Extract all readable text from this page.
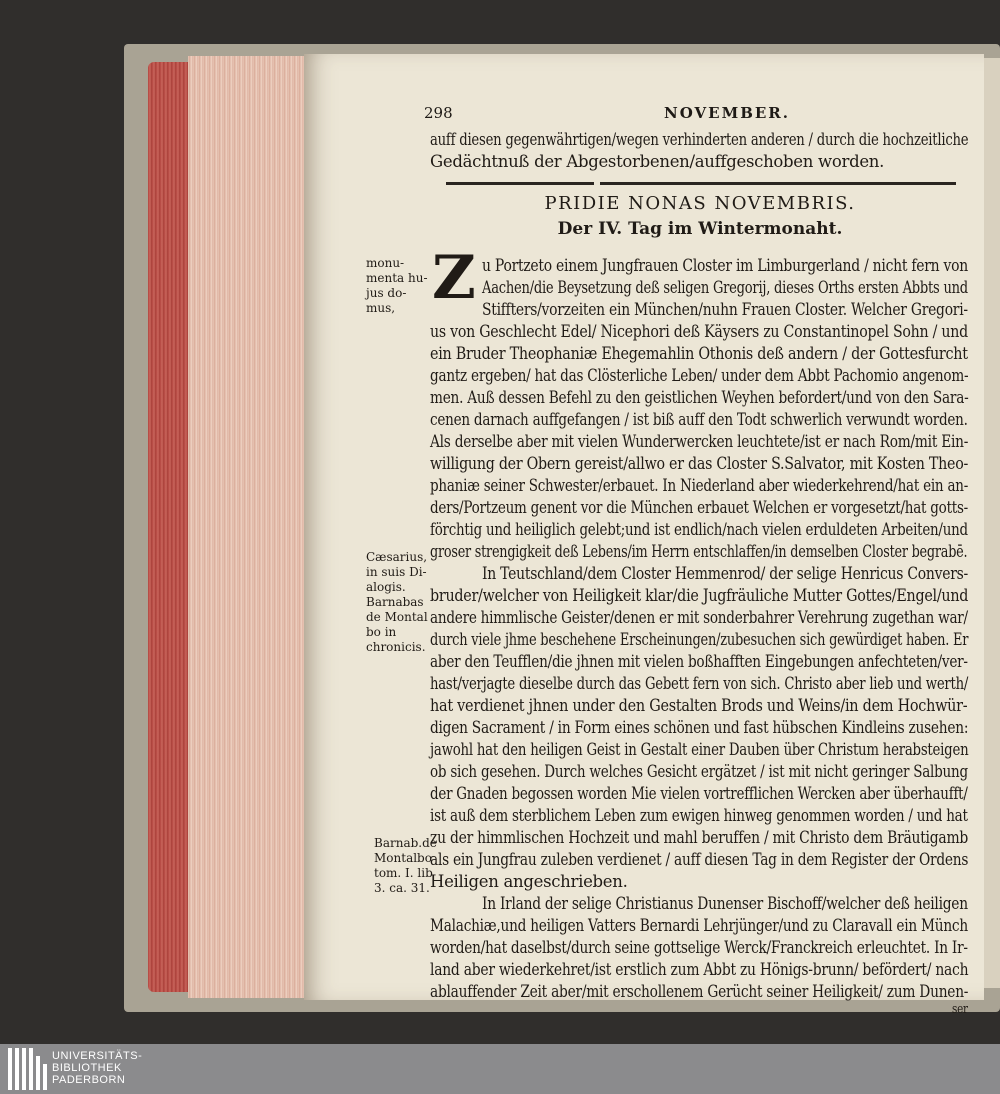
298	NOVEMBER.
auff diesen gegenwährtigen/wegen verhinderten anderen / durch die hochzeitliche
Gedächtnuß der Abgestorbenen/auffgeschoben worden.
PRIDIE NONAS NOVEMBRIS.
Der IV. Tag im Wintermonaht.
Z u Portzeto einem Jungfrauen Closter im Limburgerland / nicht fern von
Aachen/die Beysetzung deß seligen Gregorij, dieses Orths ersten Abbts und
Stiffters/vorzeiten ein München/nuhn Frauen Closter. Welcher Gregori-
us von Geschlecht Edel/ Nicephori deß Käysers zu Constantinopel Sohn / und
ein Bruder Theophaniæ Ehegemahlin Othonis deß andern / der Gottesfurcht
gantz ergeben/ hat das Clösterliche Leben/ under dem Abbt Pachomio angenom-
men. Auß dessen Befehl zu den geistlichen Weyhen befordert/und von den Sara-
cenen darnach auffgefangen / ist biß auff den Todt schwerlich verwundt worden.
Als derselbe aber mit vielen Wunderwercken leuchtete/ist er nach Rom/mit Ein-
willigung der Obern gereist/allwo er das Closter S.Salvator, mit Kosten Theo-
phaniæ seiner Schwester/erbauet. In Niederland aber wiederkehrend/hat ein an-
ders/Portzeum genent vor die München erbauet Welchen er vorgesetzt/hat gotts-
förchtig und heiliglich gelebt;und ist endlich/nach vielen erduldeten Arbeiten/und
groser strengigkeit deß Lebens/im Herrn entschlaffen/in demselben Closter begrabē.
In Teutschland/dem Closter Hemmenrod/ der selige Henricus Convers-
bruder/welcher von Heiligkeit klar/die Jugfräuliche Mutter Gottes/Engel/und
andere himmlische Geister/denen er mit sonderbahrer Verehrung zugethan war/
durch viele jhme beschehene Erscheinungen/zubesuchen sich gewürdiget haben. Er
aber den Teufflen/die jhnen mit vielen boßhafften Eingebungen anfechteten/ver-
hast/verjagte dieselbe durch das Gebett fern von sich. Christo aber lieb und werth/
hat verdienet jhnen under den Gestalten Brods und Weins/in dem Hochwür-
digen Sacrament / in Form eines schönen und fast hübschen Kindleins zusehen:
jawohl hat den heiligen Geist in Gestalt einer Dauben über Christum herabsteigen
ob sich gesehen. Durch welches Gesicht ergätzet / ist mit nicht geringer Salbung
der Gnaden begossen worden Mie vielen vortrefflichen Wercken aber überhaufft/
ist auß dem sterblichem Leben zum ewigen hinweg genommen worden / und hat
zu der himmlischen Hochzeit und mahl beruffen / mit Christo dem Bräutigamb
als ein Jungfrau zuleben verdienet / auff diesen Tag in dem Register der Ordens
Heiligen angeschrieben.
In Irland der selige Christianus Dunenser Bischoff/welcher deß heiligen
Malachiæ,und heiligen Vatters Bernardi Lehrjünger/und zu Claravall ein Münch
worden/hat daselbst/durch seine gottselige Werck/Franckreich erleuchtet. In Ir-
land aber wiederkehret/ist erstlich zum Abbt zu Hönigs-brunn/ befördert/ nach
ablauffender Zeit aber/mit erschollenem Gerücht seiner Heiligkeit/ zum Dunen-
ser
monu-
menta hu-
jus do-
mus,
Cæsarius,
in suis Di-
alogis.
Barnabas
de Montal
bo in
chronicis.
Barnab.de
Montalbo
tom. I. lib
3. ca. 31.
UNIVERSITÄTS-
BIBLIOTHEK
PADERBORN
